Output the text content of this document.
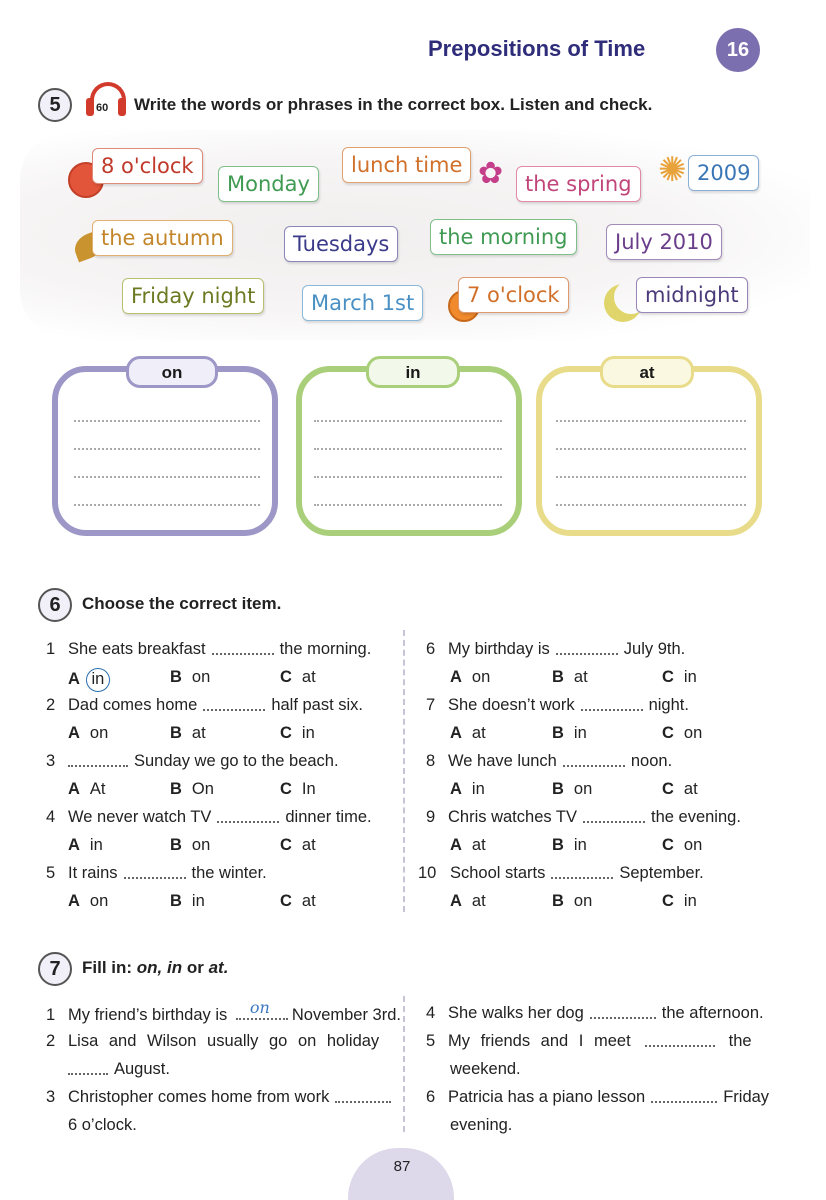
Prepositions of Time	16
5	60 Write the words or phrases in the correct box. Listen and check.
8 o'clock
Monday
lunch time ✿	the spring ✺ 2009
the autumn	Tuesdays	the morning	July 2010
Friday night	March 1st	7 o'clock	midnight
on	in	at
6	Choose the correct item.
1 She eats breakfast	the morning.
A in	B on	C at
2 Dad comes home	half past six.
A on	B at	C in
3	Sunday we go to the beach.
A At	B On	C In
4 We never watch TV	dinner time.
A in	B on	C at
5 It rains	the winter.
A on	B in	C at
6 My birthday is	July 9th.
A on	B at	C in
7 She doesn’t work	night.
A at	B in	C on
8 We have lunch	noon.
A in	B on	C at
9 Chris watches TV	the evening.
A at	B in	C on
10 School starts	September.
A at	B on	C in
7	Fill in: on, in or at.
1 My friend’s birthday is on November 3rd.
2 Lisa and Wilson usually go on holiday
August.
3 Christopher comes home from work
6 o’clock.
4 She walks her dog	the afternoon.
5 My friends and I meet	the
weekend.
6 Patricia has a piano lesson	Friday
evening.
87
